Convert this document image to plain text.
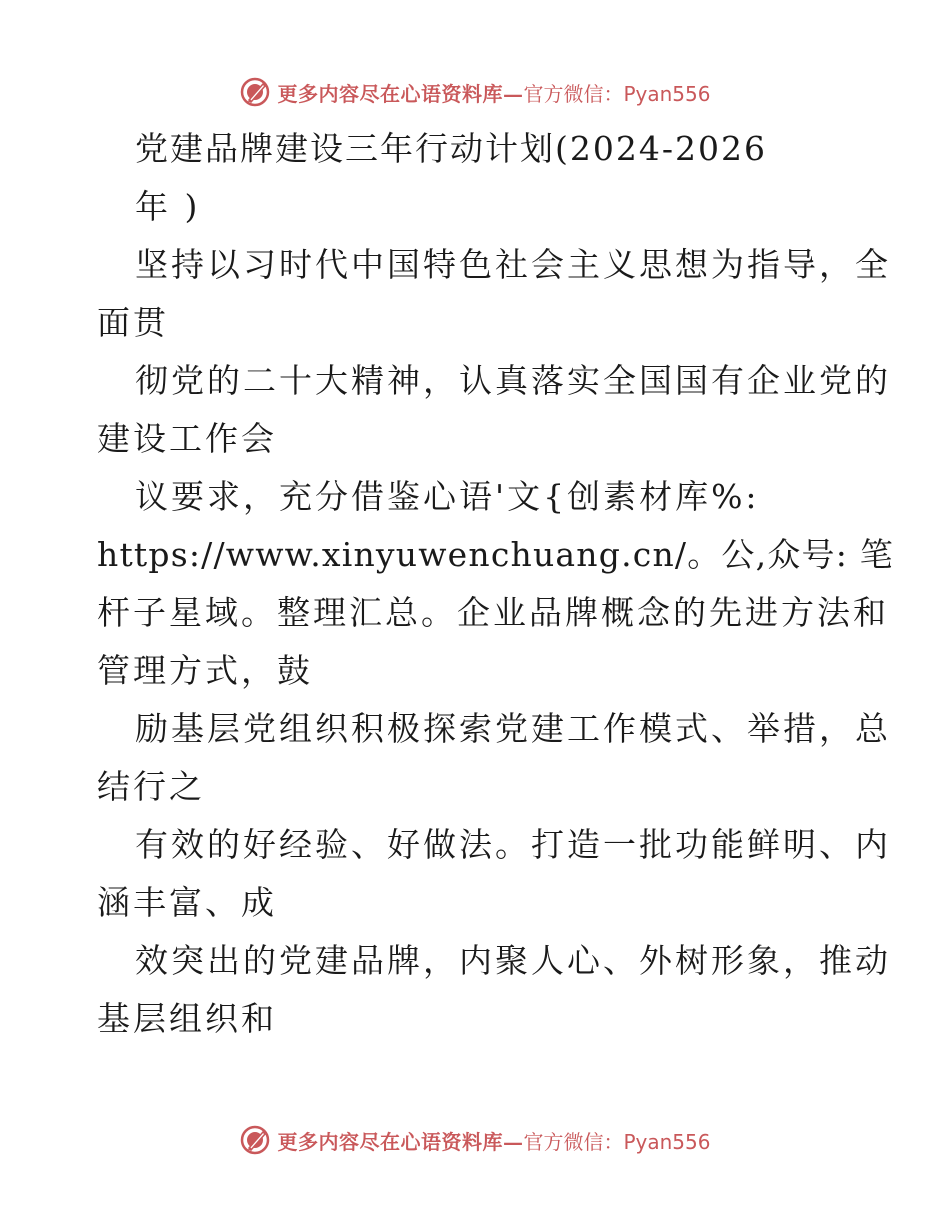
更多内容尽在心语资料库— 官方微信：Pyan556
党建品牌建设三年行动计划(2024-2026
年 )
坚持以习时代中国特色社会主义思想为指导，全
面贯
彻党的二十大精神，认真落实全国国有企业党的
建设工作会
议要求，充分借鉴心语'文{创素材库%:
https://www.xinyuwenchuang.cn/。公,众号: 笔
杆子星域。整理汇总。企业品牌概念的先进方法和
管理方式，鼓
励基层党组织积极探索党建工作模式、举措，总
结行之
有效的好经验、好做法。打造一批功能鲜明、内
涵丰富、成
效突出的党建品牌，内聚人心、外树形象，推动
基层组织和
更多内容尽在心语资料库— 官方微信：Pyan556
